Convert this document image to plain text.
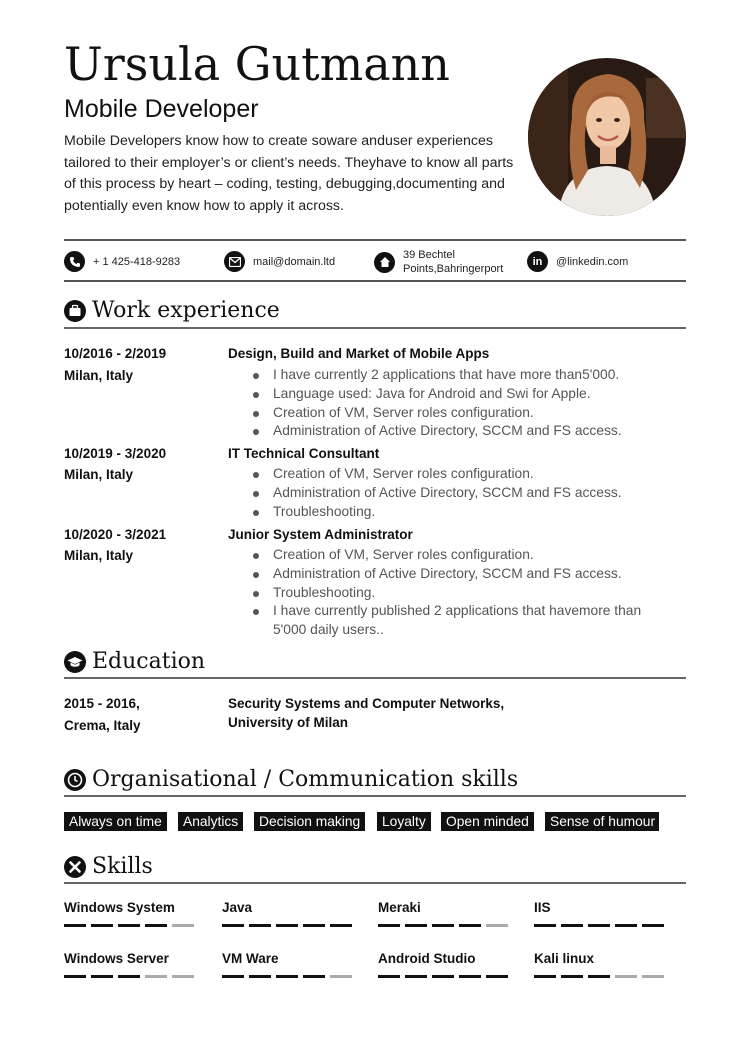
Ursula Gutmann
Mobile Developer
Mobile Developers know how to create soware anduser experiences tailored to their employer’s or client’s needs. Theyhave to know all parts of this process by heart – coding, testing, debugging,documenting and potentially even know how to apply it across.
+ 1 425-418-9283	mail@domain.ltd
39 Bechtel
Points,Bahringerport
in @linkedin.com
Work experience
10/2016 - 2/2019
Milan, Italy
Design, Build and Market of Mobile Apps
I have currently 2 applications that have more than5'000.
Language used: Java for Android and Swi for Apple.
Creation of VM, Server roles configuration.
Administration of Active Directory, SCCM and FS access.
10/2019 - 3/2020
Milan, Italy
IT Technical Consultant
Creation of VM, Server roles configuration.
Administration of Active Directory, SCCM and FS access.
Troubleshooting.
10/2020 - 3/2021
Milan, Italy
Junior System Administrator
Creation of VM, Server roles configuration.
Administration of Active Directory, SCCM and FS access.
Troubleshooting.
I have currently published 2 applications that havemore than 5'000 daily users..
Education
2015 - 2016,
Crema, Italy
Security Systems and Computer Networks,
University of Milan
Organisational / Communication skills
Always on time	Analytics	Decision making	Loyalty	Open minded	Sense of humour
Skills
Windows System	Java	Meraki	IIS
Windows Server	VM Ware	Android Studio	Kali linux
